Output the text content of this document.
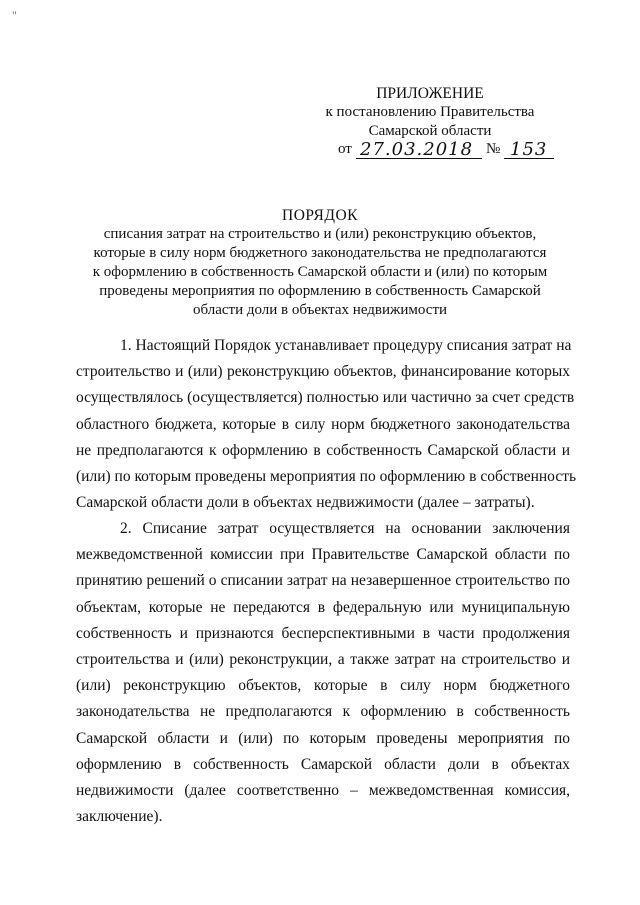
"
ПРИЛОЖЕНИЕ
к постановлению Правительства
Самарской области
от 27.03.2018 № 153
ПОРЯДОК
списания затрат на строительство и (или) реконструкцию объектов,
которые в силу норм бюджетного законодательства не предполагаются
к оформлению в собственность Самарской области и (или) по которым
проведены мероприятия по оформлению в собственность Самарской
области доли в объектах недвижимости
1. Настоящий Порядок устанавливает процедуру списания затрат на
строительство и (или) реконструкцию объектов, финансирование которых
осуществлялось (осуществляется) полностью или частично за счет средств
областного бюджета, которые в силу норм бюджетного законодательства
не предполагаются к оформлению в собственность Самарской области и
(или) по которым проведены мероприятия по оформлению в собственность
Самарской области доли в объектах недвижимости (далее – затраты).
2. Списание затрат осуществляется на основании заключения
межведомственной комиссии при Правительстве Самарской области по
принятию решений о списании затрат на незавершенное строительство по
объектам, которые не передаются в федеральную или муниципальную
собственность и признаются бесперспективными в части продолжения
строительства и (или) реконструкции, а также затрат на строительство и
(или) реконструкцию объектов, которые в силу норм бюджетного
законодательства не предполагаются к оформлению в собственность
Самарской области и (или) по которым проведены мероприятия по
оформлению в собственность Самарской области доли в объектах
недвижимости (далее соответственно – межведомственная комиссия,
заключение).
